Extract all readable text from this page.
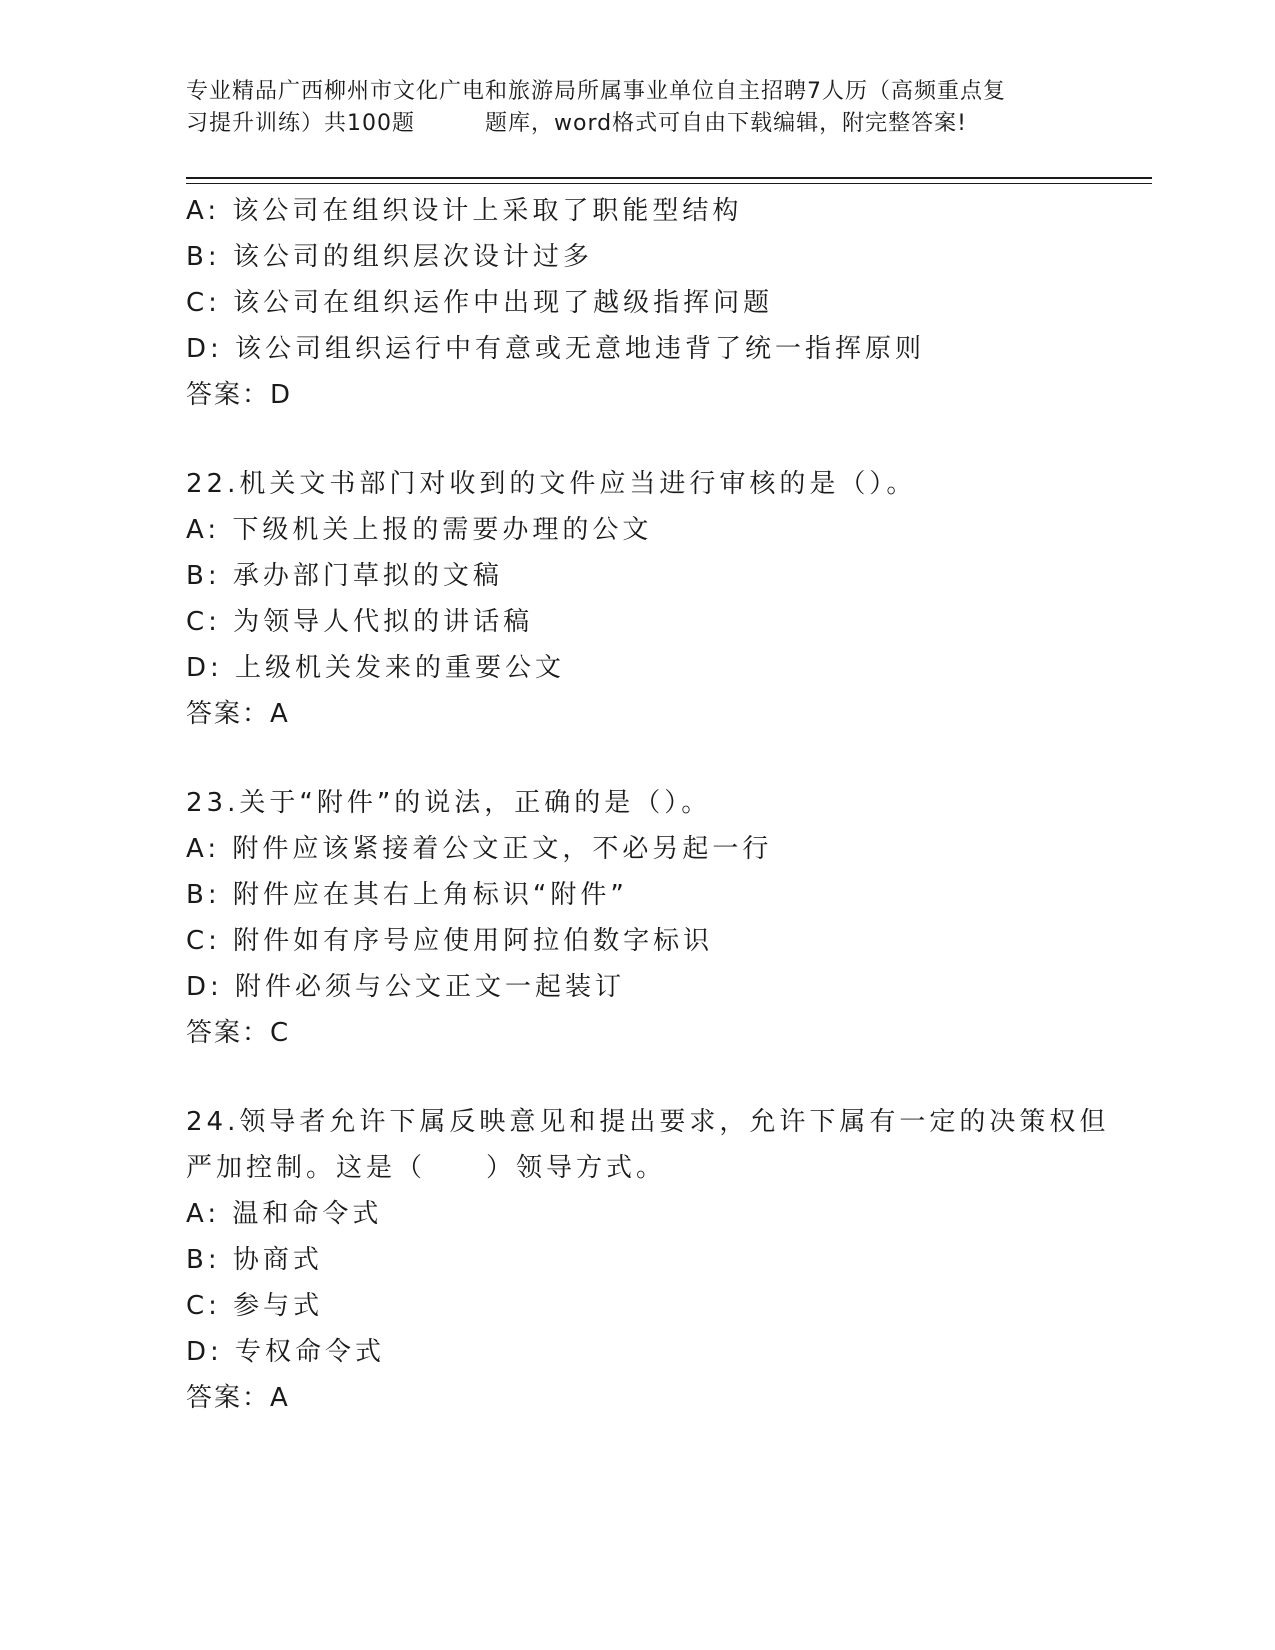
专业精品广西柳州市文化广电和旅游局所属事业单位自主招聘7人历（高频重点复
习提升训练）共100题	题库，word格式可自由下载编辑，附完整答案!
A: 该公司在组织设计上采取了职能型结构
B: 该公司的组织层次设计过多
C: 该公司在组织运作中出现了越级指挥问题
D: 该公司组织运行中有意或无意地违背了统一指挥原则
答案：D
22.机关文书部门对收到的文件应当进行审核的是（）。
A: 下级机关上报的需要办理的公文
B: 承办部门草拟的文稿
C: 为领导人代拟的讲话稿
D: 上级机关发来的重要公文
答案：A
23.关于“附件”的说法，正确的是（）。
A: 附件应该紧接着公文正文，不必另起一行
B: 附件应在其右上角标识“附件”
C: 附件如有序号应使用阿拉伯数字标识
D: 附件必须与公文正文一起装订
答案：C
24.领导者允许下属反映意见和提出要求，允许下属有一定的决策权但
严加控制。这是（　　）领导方式。
A: 温和命令式
B: 协商式
C: 参与式
D: 专权命令式
答案：A
